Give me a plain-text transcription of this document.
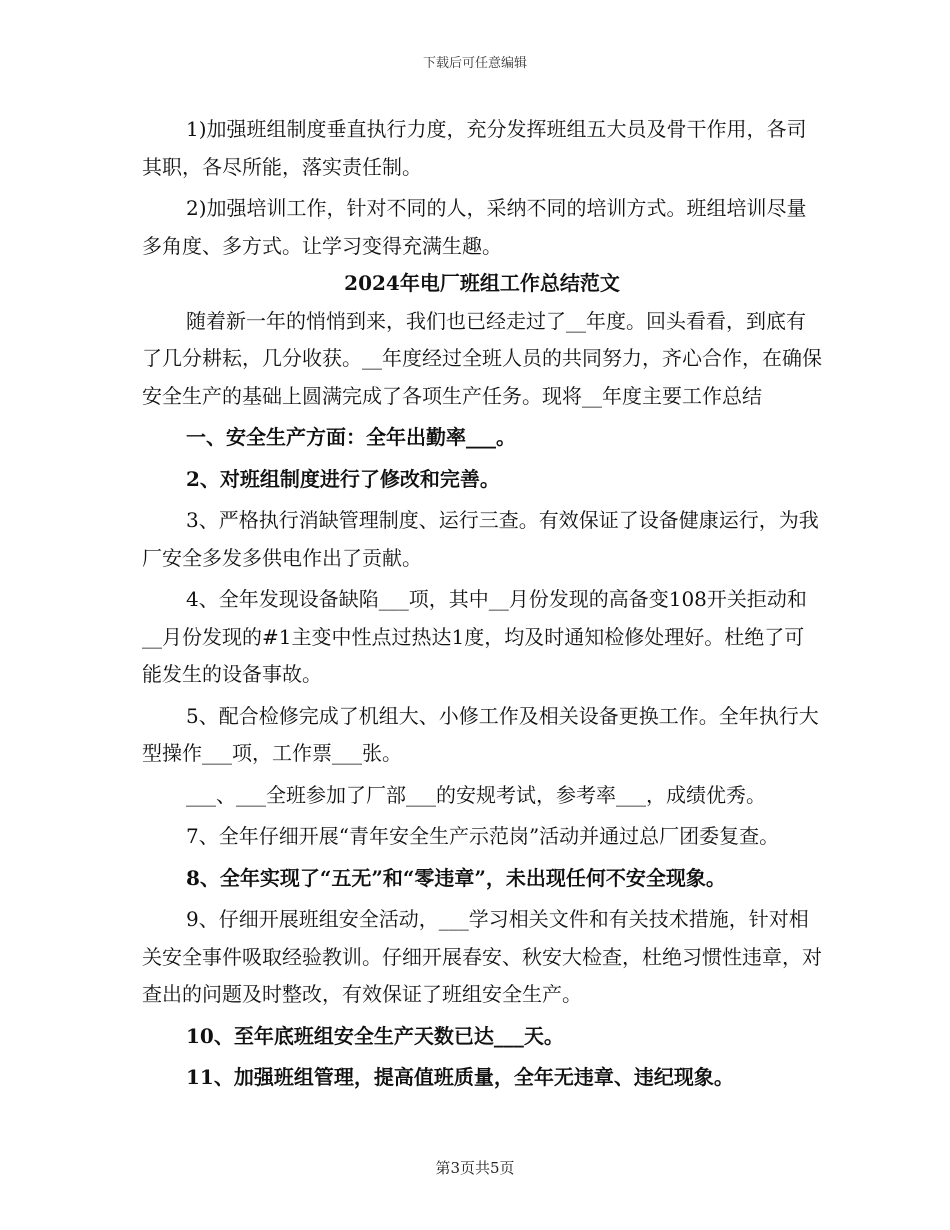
下载后可任意编辑

1)加强班组制度垂直执行力度，充分发挥班组五大员及骨干作用，各司其职，各尽所能，落实责任制。

2)加强培训工作，针对不同的人，采纳不同的培训方式。班组培训尽量多角度、多方式。让学习变得充满生趣。

2024年电厂班组工作总结范文

随着新一年的悄悄到来，我们也已经走过了__年度。回头看看，到底有了几分耕耘，几分收获。__年度经过全班人员的共同努力，齐心合作，在确保安全生产的基础上圆满完成了各项生产任务。现将__年度主要工作总结

一、安全生产方面：全年出勤率___。

2、对班组制度进行了修改和完善。

3、严格执行消缺管理制度、运行三查。有效保证了设备健康运行，为我厂安全多发多供电作出了贡献。

4、全年发现设备缺陷___项，其中__月份发现的高备变108开关拒动和__月份发现的#1主变中性点过热达1度，均及时通知检修处理好。杜绝了可能发生的设备事故。

5、配合检修完成了机组大、小修工作及相关设备更换工作。全年执行大型操作___项，工作票___张。

___、___全班参加了厂部___的安规考试，参考率___，成绩优秀。

7、全年仔细开展“青年安全生产示范岗”活动并通过总厂团委复查。

8、全年实现了“五无”和“零违章”，未出现任何不安全现象。

9、仔细开展班组安全活动，___学习相关文件和有关技术措施，针对相关安全事件吸取经验教训。仔细开展春安、秋安大检查，杜绝习惯性违章，对查出的问题及时整改，有效保证了班组安全生产。

10、至年底班组安全生产天数已达___天。

11、加强班组管理，提高值班质量，全年无违章、违纪现象。

第3页共5页
